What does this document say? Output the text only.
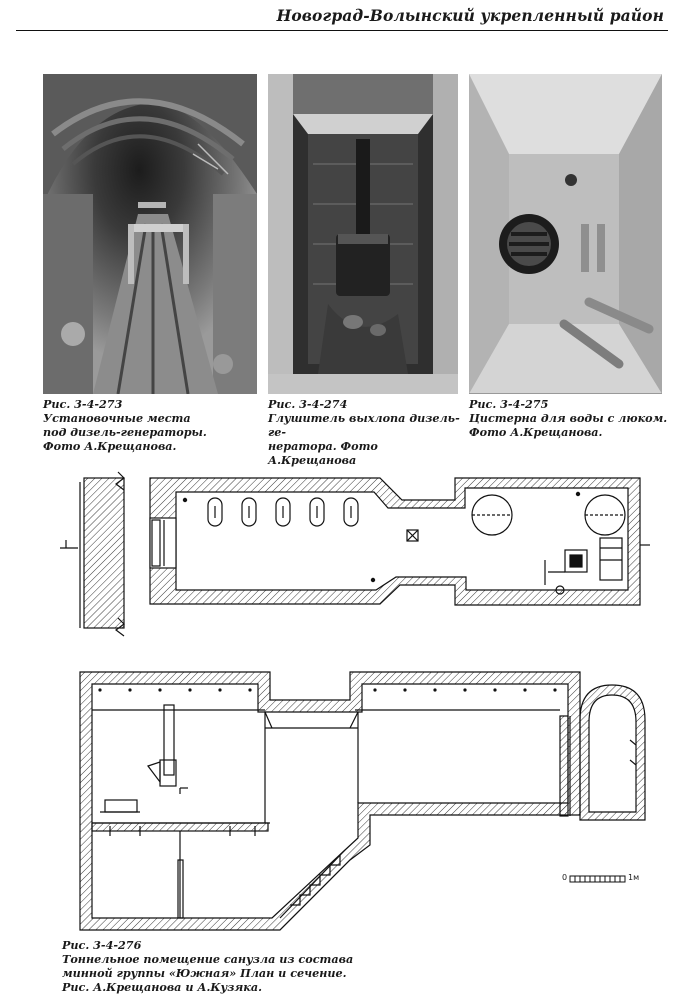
Новоград-Волынский укрепленный район
Рис. 3-4-273
Установочные места
под дизель-генераторы.
Фото А.Крещанова.
Рис. 3-4-274
Глушитель выхлопа дизель-ге-
нератора. Фото
А.Крещанова
Рис. 3-4-275
Цистерна для воды с люком.
Фото А.Крещанова.
0	1м
Рис. 3-4-276
Тоннельное помещение санузла из состава
минной группы «Южная» План и сечение.
Рис. А.Крещанова и А.Кузяка.
